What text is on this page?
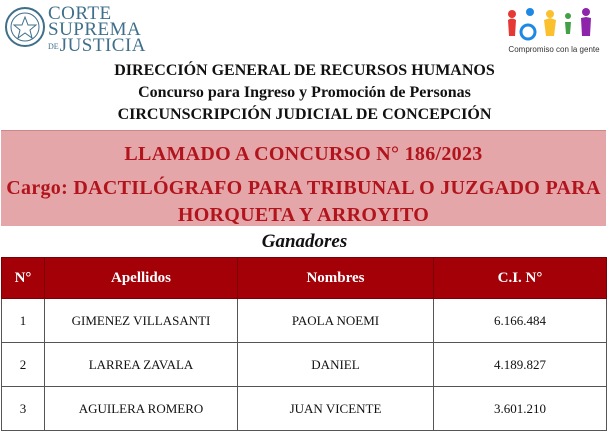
CORTE
SUPREMA
DEJUSTICIA	Compromiso con la gente
DIRECCIÓN GENERAL DE RECURSOS HUMANOS
Concurso para Ingreso y Promoción de Personas
CIRCUNSCRIPCIÓN JUDICIAL DE CONCEPCIÓN
LLAMADO A CONCURSO N° 186/2023
Cargo: DACTILÓGRAFO PARA TRIBUNAL O JUZGADO PARA
HORQUETA Y ARROYITO
Ganadores
N°	Apellidos	Nombres	C.I. N°
1	GIMENEZ VILLASANTI	PAOLA NOEMI	6.166.484
2	LARREA ZAVALA	DANIEL	4.189.827
3	AGUILERA ROMERO	JUAN VICENTE	3.601.210
